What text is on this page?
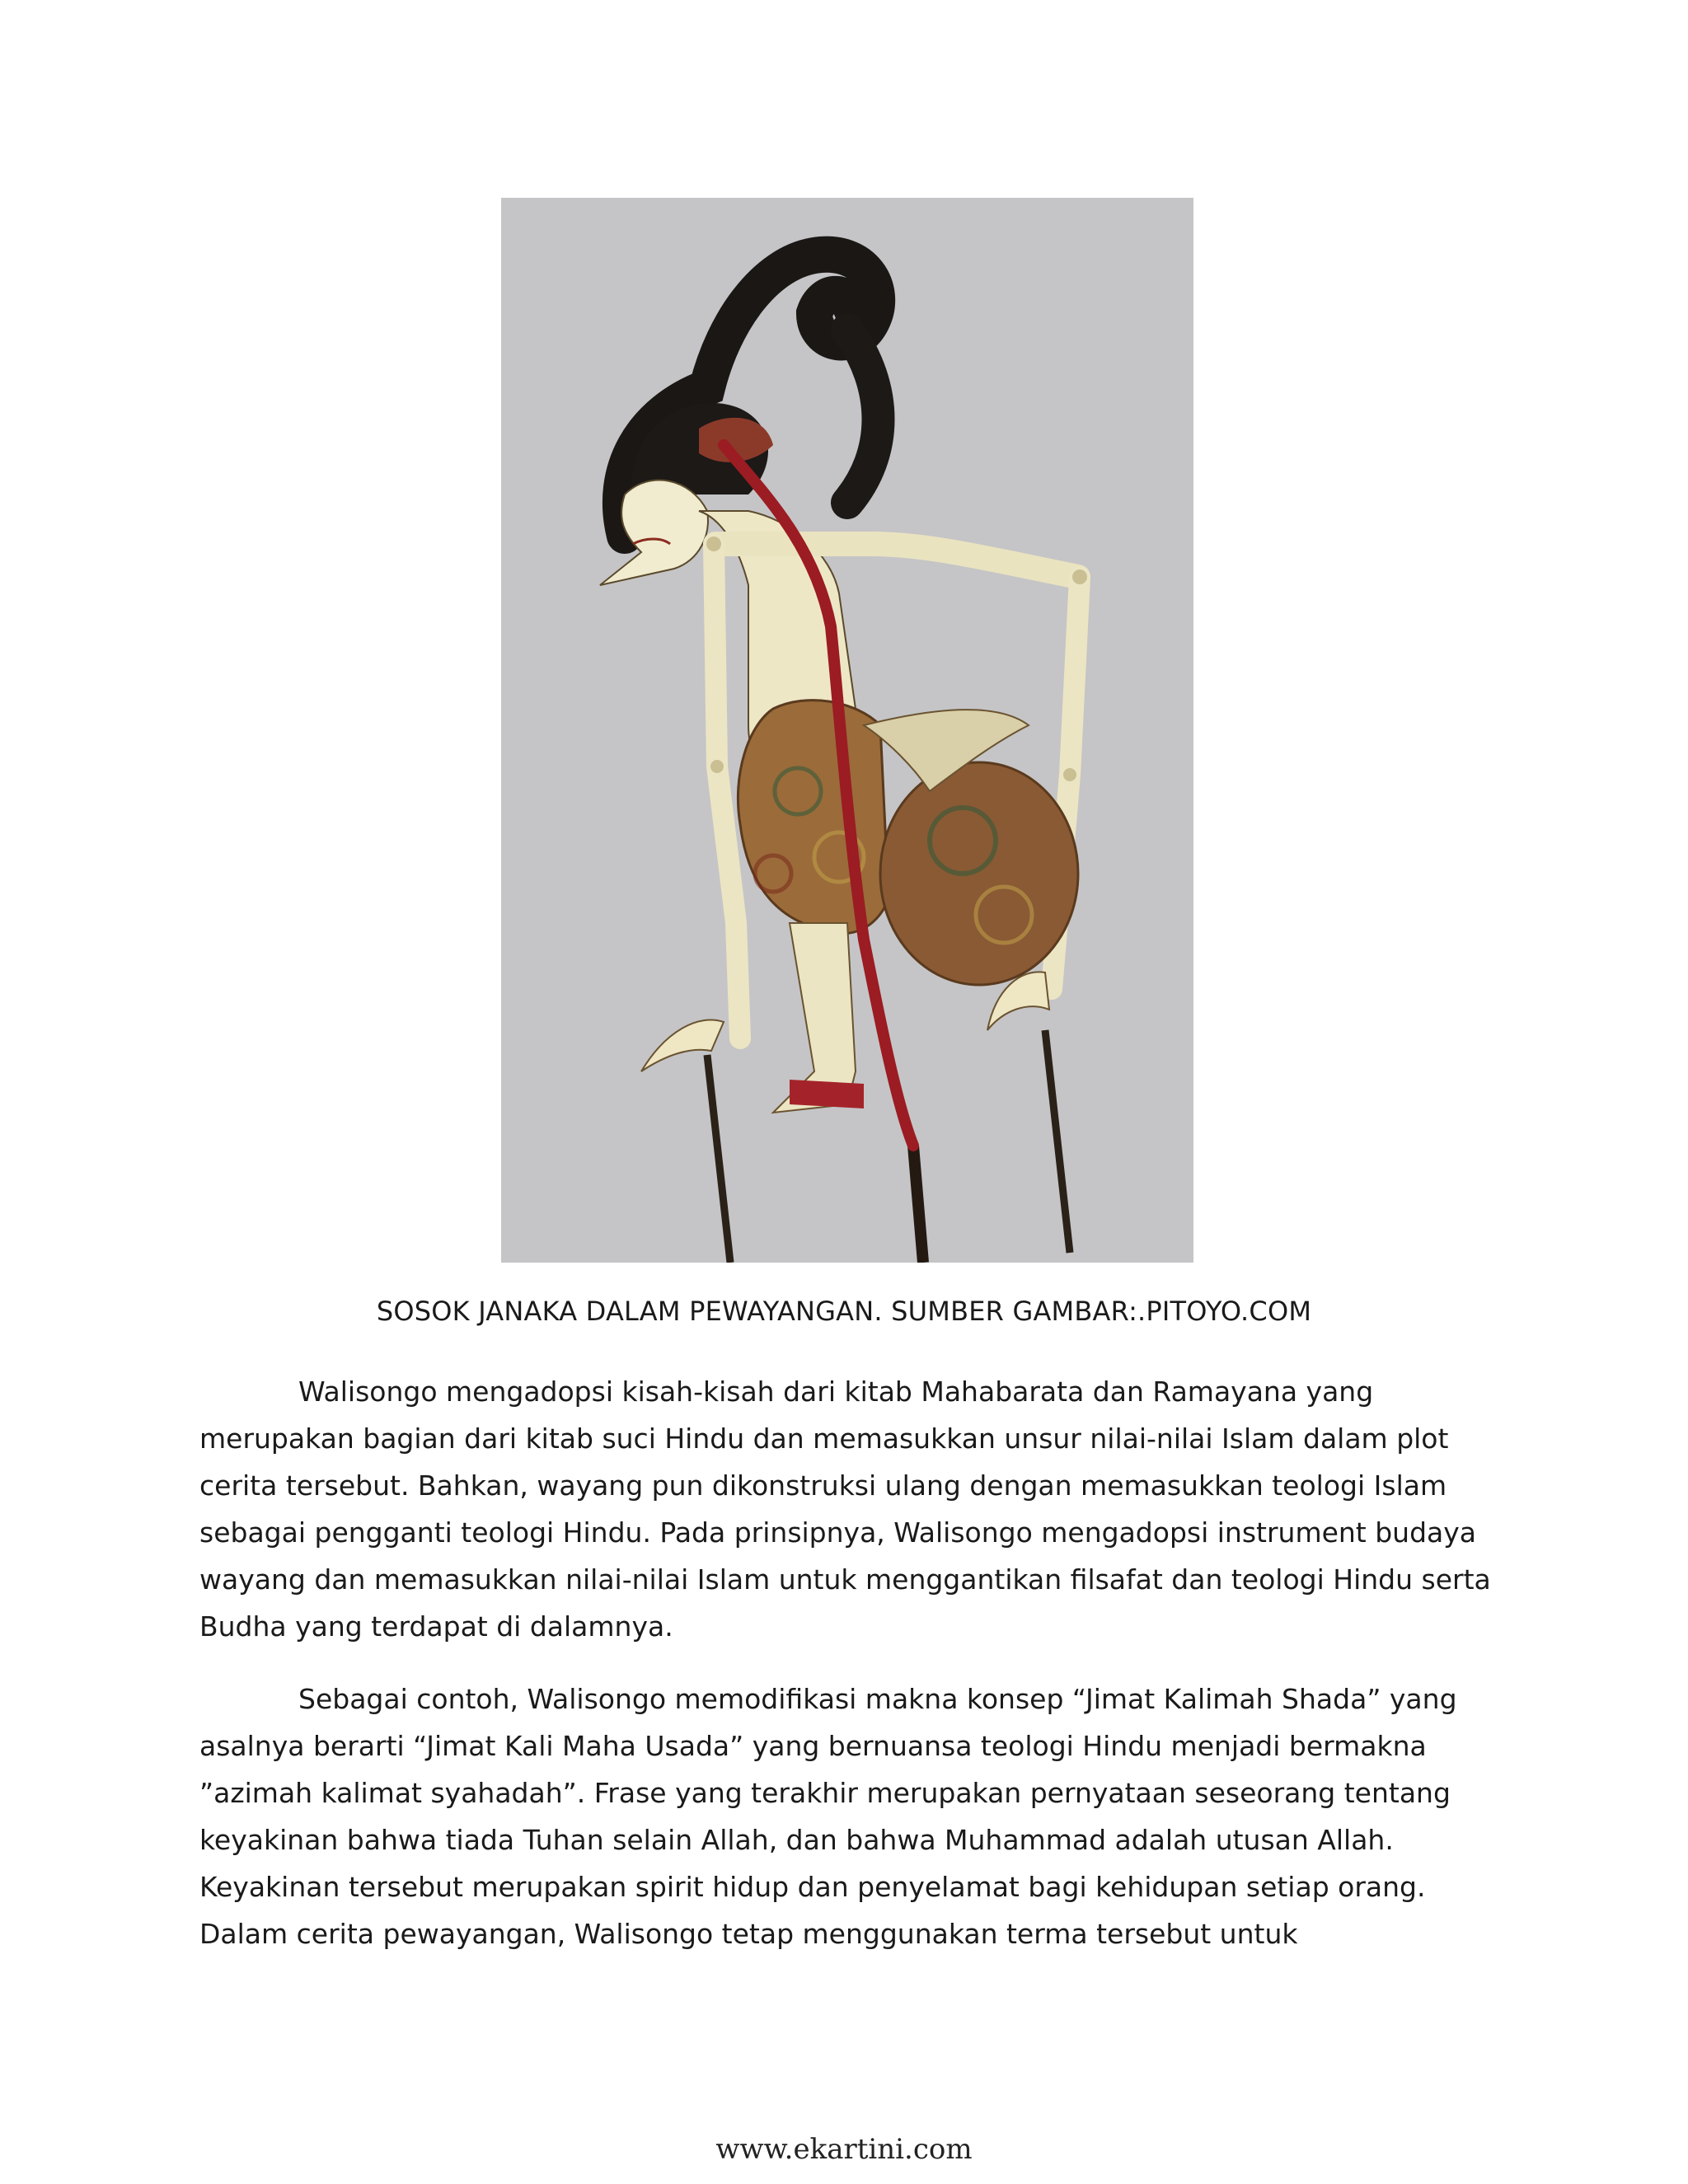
SOSOK JANAKA DALAM PEWAYANGAN. SUMBER GAMBAR:.PITOYO.COM
Walisongo mengadopsi kisah-kisah dari kitab Mahabarata dan Ramayana yang
merupakan bagian dari kitab suci Hindu dan memasukkan unsur nilai-nilai Islam dalam plot
cerita tersebut. Bahkan, wayang pun dikonstruksi ulang dengan memasukkan teologi Islam
sebagai pengganti teologi Hindu. Pada prinsipnya, Walisongo mengadopsi instrument budaya
wayang dan memasukkan nilai-nilai Islam untuk menggantikan filsafat dan teologi Hindu serta
Budha yang terdapat di dalamnya.
Sebagai contoh, Walisongo memodifikasi makna konsep “Jimat Kalimah Shada” yang
asalnya berarti “Jimat Kali Maha Usada” yang bernuansa teologi Hindu menjadi bermakna
”azimah kalimat syahadah”. Frase yang terakhir merupakan pernyataan seseorang tentang
keyakinan bahwa tiada Tuhan selain Allah, dan bahwa Muhammad adalah utusan Allah.
Keyakinan tersebut merupakan spirit hidup dan penyelamat bagi kehidupan setiap orang.
Dalam cerita pewayangan, Walisongo tetap menggunakan terma tersebut untuk
www.ekartini.com
